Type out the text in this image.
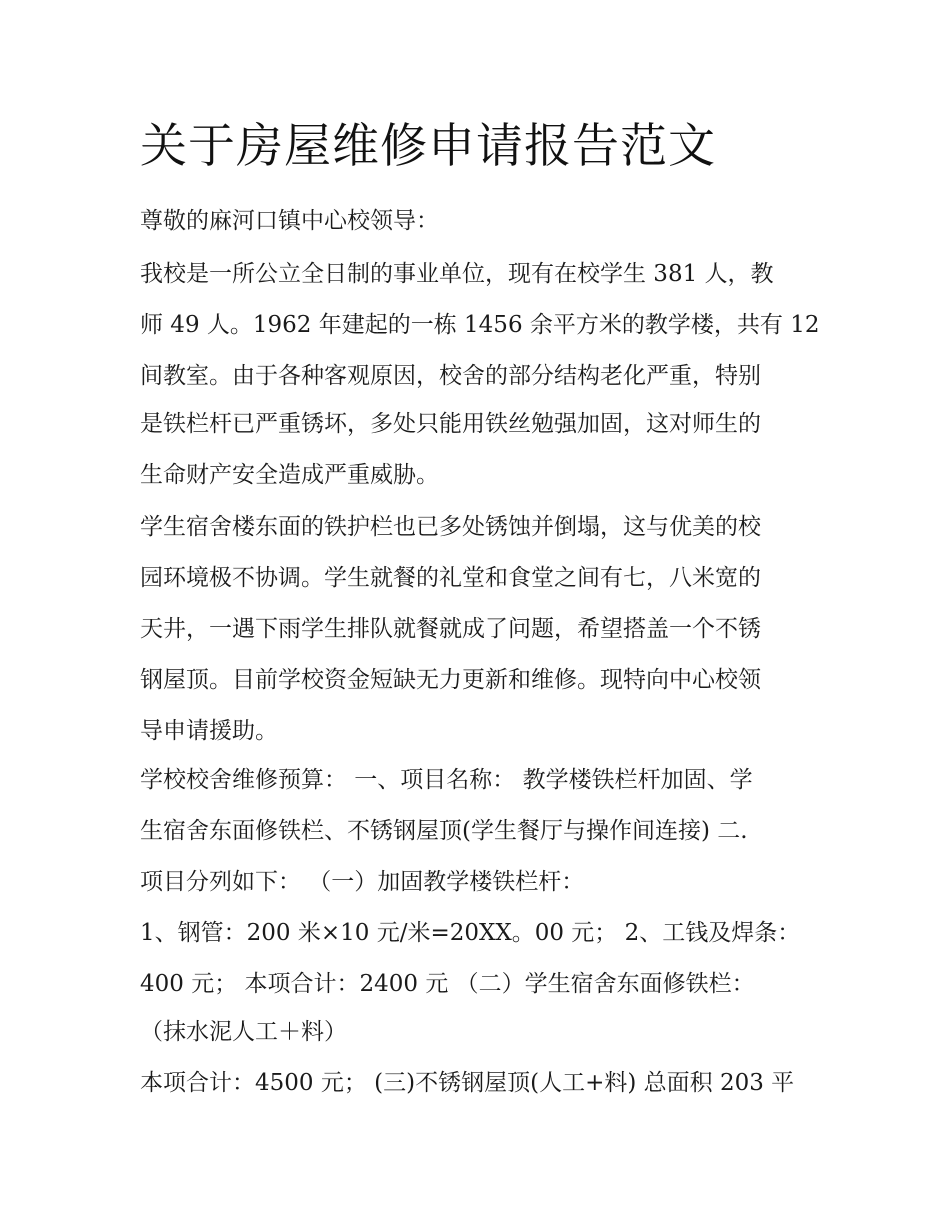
关于房屋维修申请报告范文

尊敬的麻河口镇中心校领导：

我校是一所公立全日制的事业单位，现有在校学生 381 人，教

师 49 人。1962 年建起的一栋 1456 余平方米的教学楼，共有 12

间教室。由于各种客观原因，校舍的部分结构老化严重，特别

是铁栏杆已严重锈坏，多处只能用铁丝勉强加固，这对师生的

生命财产安全造成严重威胁。

学生宿舍楼东面的铁护栏也已多处锈蚀并倒塌，这与优美的校

园环境极不协调。学生就餐的礼堂和食堂之间有七，八米宽的

天井，一遇下雨学生排队就餐就成了问题，希望搭盖一个不锈

钢屋顶。目前学校资金短缺无力更新和维修。现特向中心校领

导申请援助。

学校校舍维修预算： 一、项目名称： 教学楼铁栏杆加固、学

生宿舍东面修铁栏、不锈钢屋顶(学生餐厅与操作间连接) 二.

项目分列如下： （一）加固教学楼铁栏杆：

1、钢管：200 米×10 元/米=20XX。00 元； 2、工钱及焊条：

400 元； 本项合计：2400 元 （二）学生宿舍东面修铁栏：

（抹水泥人工＋料）

本项合计：4500 元； (三)不锈钢屋顶(人工+料) 总面积 203 平
